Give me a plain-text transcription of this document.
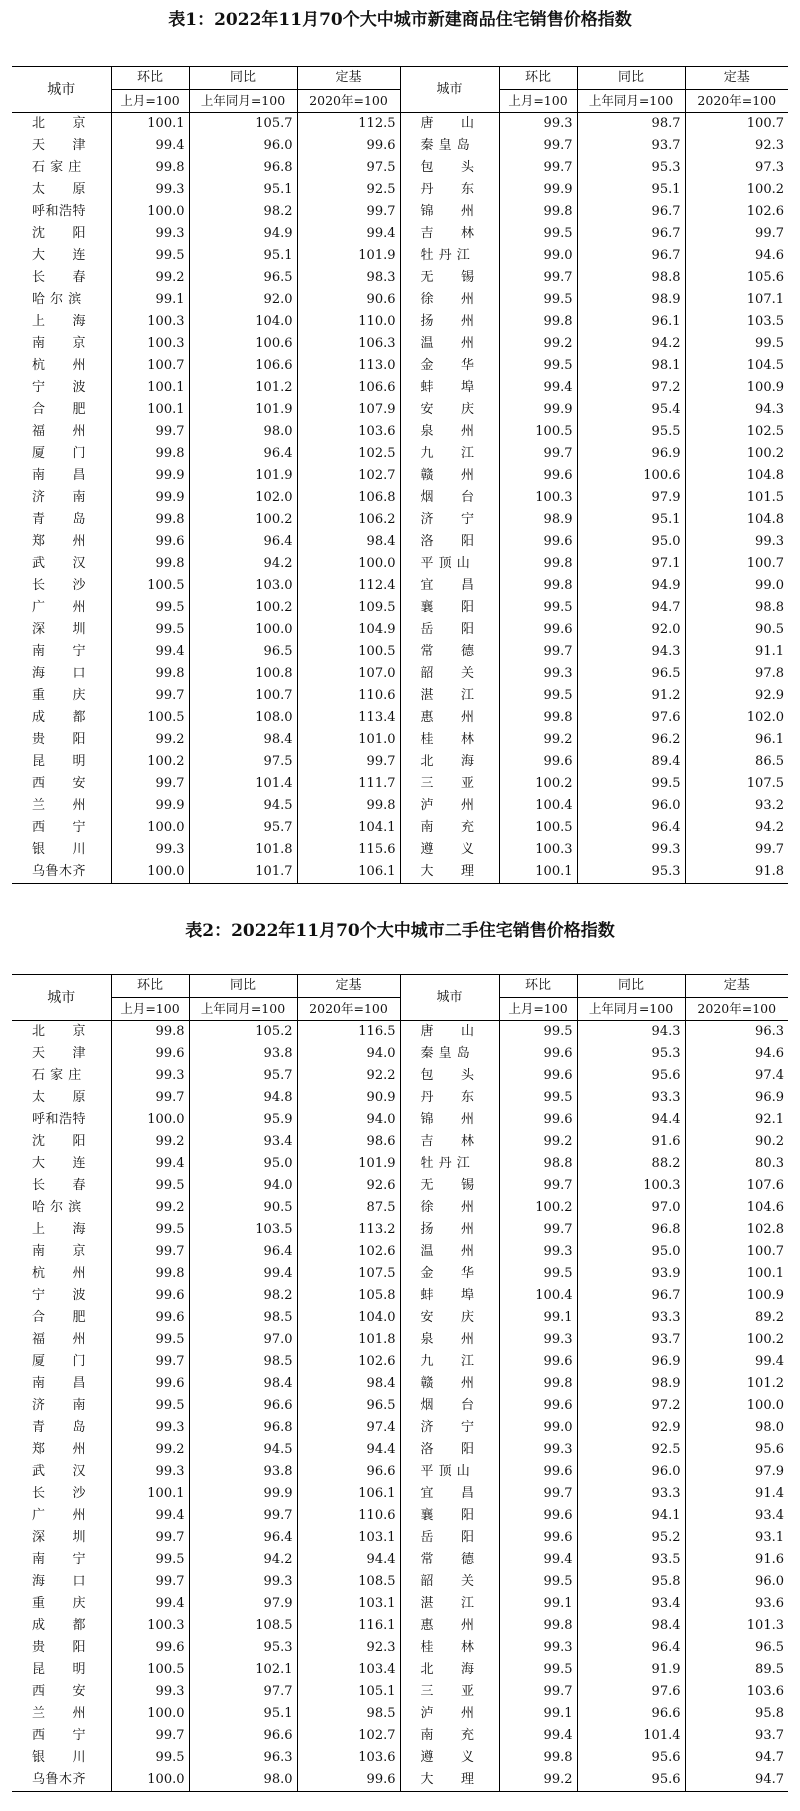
表1：2022年11月70个大中城市新建商品住宅销售价格指数
城市	环比	同比	定基	城市	环比	同比	定基
	上月=100	上年同月=100	2020年=100		上月=100	上年同月=100	2020年=100
北　　京	100.1	105.7	112.5	唐　　山	99.3	98.7	100.7
天　　津	99.4	96.0	99.6	秦 皇 岛	99.7	93.7	92.3
石 家 庄	99.8	96.8	97.5	包　　头	99.7	95.3	97.3
太　　原	99.3	95.1	92.5	丹　　东	99.9	95.1	100.2
呼和浩特	100.0	98.2	99.7	锦　　州	99.8	96.7	102.6
沈　　阳	99.3	94.9	99.4	吉　　林	99.5	96.7	99.7
大　　连	99.5	95.1	101.9	牡 丹 江	99.0	96.7	94.6
长　　春	99.2	96.5	98.3	无　　锡	99.7	98.8	105.6
哈 尔 滨	99.1	92.0	90.6	徐　　州	99.5	98.9	107.1
上　　海	100.3	104.0	110.0	扬　　州	99.8	96.1	103.5
南　　京	100.3	100.6	106.3	温　　州	99.2	94.2	99.5
杭　　州	100.7	106.6	113.0	金　　华	99.5	98.1	104.5
宁　　波	100.1	101.2	106.6	蚌　　埠	99.4	97.2	100.9
合　　肥	100.1	101.9	107.9	安　　庆	99.9	95.4	94.3
福　　州	99.7	98.0	103.6	泉　　州	100.5	95.5	102.5
厦　　门	99.8	96.4	102.5	九　　江	99.7	96.9	100.2
南　　昌	99.9	101.9	102.7	赣　　州	99.6	100.6	104.8
济　　南	99.9	102.0	106.8	烟　　台	100.3	97.9	101.5
青　　岛	99.8	100.2	106.2	济　　宁	98.9	95.1	104.8
郑　　州	99.6	96.4	98.4	洛　　阳	99.6	95.0	99.3
武　　汉	99.8	94.2	100.0	平 顶 山	99.8	97.1	100.7
长　　沙	100.5	103.0	112.4	宜　　昌	99.8	94.9	99.0
广　　州	99.5	100.2	109.5	襄　　阳	99.5	94.7	98.8
深　　圳	99.5	100.0	104.9	岳　　阳	99.6	92.0	90.5
南　　宁	99.4	96.5	100.5	常　　德	99.7	94.3	91.1
海　　口	99.8	100.8	107.0	韶　　关	99.3	96.5	97.8
重　　庆	99.7	100.7	110.6	湛　　江	99.5	91.2	92.9
成　　都	100.5	108.0	113.4	惠　　州	99.8	97.6	102.0
贵　　阳	99.2	98.4	101.0	桂　　林	99.2	96.2	96.1
昆　　明	100.2	97.5	99.7	北　　海	99.6	89.4	86.5
西　　安	99.7	101.4	111.7	三　　亚	100.2	99.5	107.5
兰　　州	99.9	94.5	99.8	泸　　州	100.4	96.0	93.2
西　　宁	100.0	95.7	104.1	南　　充	100.5	96.4	94.2
银　　川	99.3	101.8	115.6	遵　　义	100.3	99.3	99.7
乌鲁木齐	100.0	101.7	106.1	大　　理	100.1	95.3	91.8
表2：2022年11月70个大中城市二手住宅销售价格指数
城市	环比	同比	定基	城市	环比	同比	定基
	上月=100	上年同月=100	2020年=100		上月=100	上年同月=100	2020年=100
北　　京	99.8	105.2	116.5	唐　　山	99.5	94.3	96.3
天　　津	99.6	93.8	94.0	秦 皇 岛	99.6	95.3	94.6
石 家 庄	99.3	95.7	92.2	包　　头	99.6	95.6	97.4
太　　原	99.7	94.8	90.9	丹　　东	99.5	93.3	96.9
呼和浩特	100.0	95.9	94.0	锦　　州	99.6	94.4	92.1
沈　　阳	99.2	93.4	98.6	吉　　林	99.2	91.6	90.2
大　　连	99.4	95.0	101.9	牡 丹 江	98.8	88.2	80.3
长　　春	99.5	94.0	92.6	无　　锡	99.7	100.3	107.6
哈 尔 滨	99.2	90.5	87.5	徐　　州	100.2	97.0	104.6
上　　海	99.5	103.5	113.2	扬　　州	99.7	96.8	102.8
南　　京	99.7	96.4	102.6	温　　州	99.3	95.0	100.7
杭　　州	99.8	99.4	107.5	金　　华	99.5	93.9	100.1
宁　　波	99.6	98.2	105.8	蚌　　埠	100.4	96.7	100.9
合　　肥	99.6	98.5	104.0	安　　庆	99.1	93.3	89.2
福　　州	99.5	97.0	101.8	泉　　州	99.3	93.7	100.2
厦　　门	99.7	98.5	102.6	九　　江	99.6	96.9	99.4
南　　昌	99.6	98.4	98.4	赣　　州	99.8	98.9	101.2
济　　南	99.5	96.6	96.5	烟　　台	99.6	97.2	100.0
青　　岛	99.3	96.8	97.4	济　　宁	99.0	92.9	98.0
郑　　州	99.2	94.5	94.4	洛　　阳	99.3	92.5	95.6
武　　汉	99.3	93.8	96.6	平 顶 山	99.6	96.0	97.9
长　　沙	100.1	99.9	106.1	宜　　昌	99.7	93.3	91.4
广　　州	99.4	99.7	110.6	襄　　阳	99.6	94.1	93.4
深　　圳	99.7	96.4	103.1	岳　　阳	99.6	95.2	93.1
南　　宁	99.5	94.2	94.4	常　　德	99.4	93.5	91.6
海　　口	99.7	99.3	108.5	韶　　关	99.5	95.8	96.0
重　　庆	99.4	97.9	103.1	湛　　江	99.1	93.4	93.6
成　　都	100.3	108.5	116.1	惠　　州	99.8	98.4	101.3
贵　　阳	99.6	95.3	92.3	桂　　林	99.3	96.4	96.5
昆　　明	100.5	102.1	103.4	北　　海	99.5	91.9	89.5
西　　安	99.3	97.7	105.1	三　　亚	99.7	97.6	103.6
兰　　州	100.0	95.1	98.5	泸　　州	99.1	96.6	95.8
西　　宁	99.7	96.6	102.7	南　　充	99.4	101.4	93.7
银　　川	99.5	96.3	103.6	遵　　义	99.8	95.6	94.7
乌鲁木齐	100.0	98.0	99.6	大　　理	99.2	95.6	94.7
